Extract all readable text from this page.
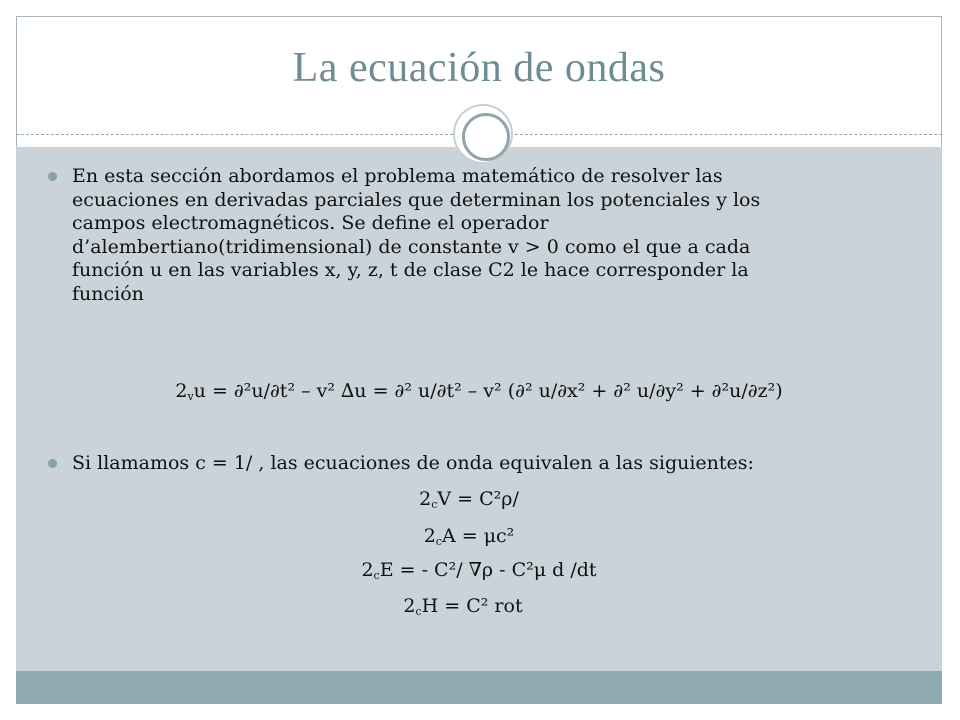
La ecuación de ondas
En esta sección abordamos el problema matemático de resolver las
ecuaciones en derivadas parciales que determinan los potenciales y los
campos electromagnéticos. Se define el operador
d’alembertiano(tridimensional) de constante v > 0 como el que a cada
función u en las variables x, y, z, t de clase C2 le hace corresponder la
función
$2_vu = \partial^2u/\partial t^2 - v^2$ ∆u = ∂² u/∂t² – v² (∂² u/∂x² + ∂² u/∂y² + ∂²u/∂z²)
Si llamamos c = 1/ , las ecuaciones de onda equivalen a las siguientes:
$2_cV = C^2\rho/$
$2_cA = \mu c^2$
$2_cE$ = - C²/ ∇ρ - C²μ d /dt
$2_cH = C^2$ rot
